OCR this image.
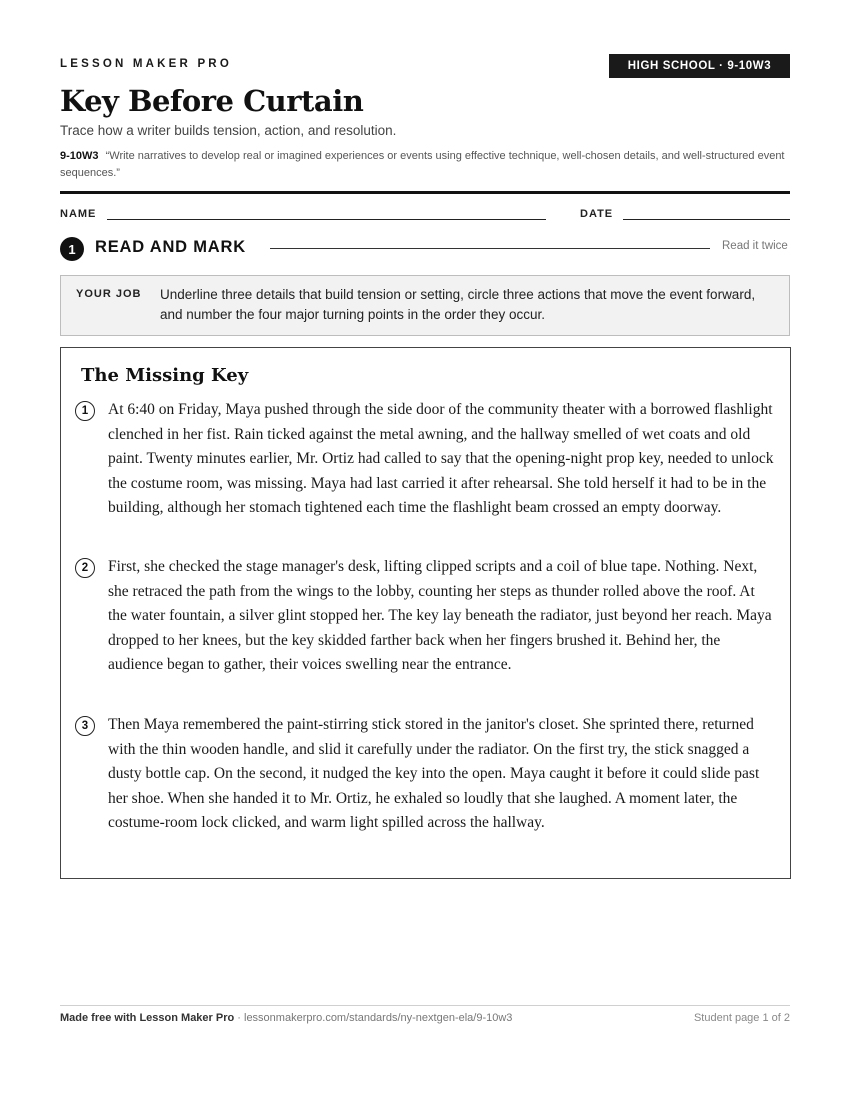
LESSON MAKER PRO	HIGH SCHOOL · 9-10W3
Key Before Curtain
Trace how a writer builds tension, action, and resolution.
9-10W3 “Write narratives to develop real or imagined experiences or events using effective technique, well-chosen details, and well-structured event sequences.”
NAME	DATE
1	READ AND MARK	Read it twice
YOUR JOB Underline three details that build tension or setting, circle three actions that move the event forward, and number the four major turning points in the order they occur.
The Missing Key
1	At 6:40 on Friday, Maya pushed through the side door of the community theater with a borrowed flashlight clenched in her fist. Rain ticked against the metal awning, and the hallway smelled of wet coats and old paint. Twenty minutes earlier, Mr. Ortiz had called to say that the opening-night prop key, needed to unlock the costume room, was missing. Maya had last carried it after rehearsal. She told herself it had to be in the building, although her stomach tightened each time the flashlight beam crossed an empty doorway.

2	First, she checked the stage manager's desk, lifting clipped scripts and a coil of blue tape. Nothing. Next, she retraced the path from the wings to the lobby, counting her steps as thunder rolled above the roof. At the water fountain, a silver glint stopped her. The key lay beneath the radiator, just beyond her reach. Maya dropped to her knees, but the key skidded farther back when her fingers brushed it. Behind her, the audience began to gather, their voices swelling near the entrance.

3	Then Maya remembered the paint-stirring stick stored in the janitor's closet. She sprinted there, returned with the thin wooden handle, and slid it carefully under the radiator. On the first try, the stick snagged a dusty bottle cap. On the second, it nudged the key into the open. Maya caught it before it could slide past her shoe. When she handed it to Mr. Ortiz, he exhaled so loudly that she laughed. A moment later, the costume-room lock clicked, and warm light spilled across the hallway.

Made free with Lesson Maker Pro · lessonmakerpro.com/standards/ny-nextgen-ela/9-10w3	Student page 1 of 2
